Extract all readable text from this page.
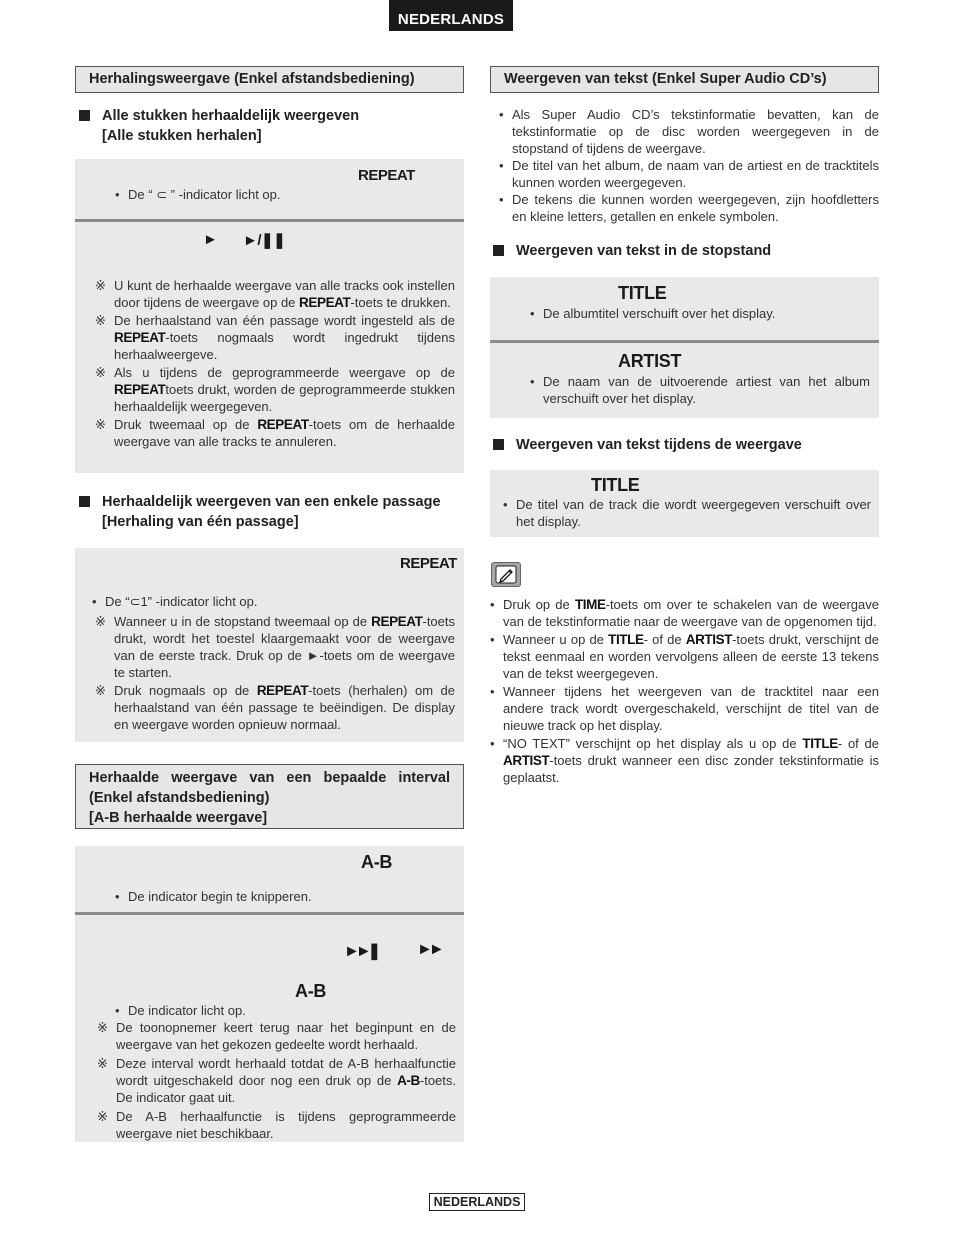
NEDERLANDS
Herhalingsweergave (Enkel afstandsbediening)
Alle stukken herhaaldelijk weergeven
[Alle stukken herhalen]
REPEAT
• De “ ⊂ ” -indicator licht op.
► ►/❚❚
※ U kunt de herhaalde weergave van alle tracks ook instellen door tijdens de weergave op de REPEAT-toets te drukken.
※ De herhaalstand van één passage wordt ingesteld als de REPEAT-toets nogmaals wordt ingedrukt tijdens herhaalweergeve.
※ Als u tijdens de geprogrammeerde weergave op de REPEATtoets drukt, worden de geprogrammeerde stukken herhaaldelijk weergegeven.
※ Druk tweemaal op de REPEAT-toets om de herhaalde weergave van alle tracks te annuleren.
Herhaaldelijk weergeven van een enkele passage
[Herhaling van één passage]
REPEAT
• De “⊂1” -indicator licht op.
※ Wanneer u in de stopstand tweemaal op de REPEAT-toets drukt, wordt het toestel klaargemaakt voor de weergave van de eerste track. Druk op de ►-toets om de weergave te starten.
※ Druk nogmaals op de REPEAT-toets (herhalen) om de herhaalstand van één passage te beëindigen. De display en weergave worden opnieuw normaal.
Herhaalde weergave van een bepaalde interval
(Enkel afstandsbediening)
[A-B herhaalde weergave]
A-B
• De indicator begin te knipperen.
►►❚ ►►
A-B
• De indicator licht op.
※ De toonopnemer keert terug naar het beginpunt en de weergave van het gekozen gedeelte wordt herhaald.
※ Deze interval wordt herhaald totdat de A-B herhaalfunctie wordt uitgeschakeld door nog een druk op de A-B-toets. De indicator gaat uit.
※ De A-B herhaalfunctie is tijdens geprogrammeerde weergave niet beschikbaar.
Weergeven van tekst (Enkel Super Audio CD’s)
• Als Super Audio CD’s tekstinformatie bevatten, kan de tekstinformatie op de disc worden weergegeven in de stopstand of tijdens de weergave.
• De titel van het album, de naam van de artiest en de tracktitels kunnen worden weergegeven.
• De tekens die kunnen worden weergegeven, zijn hoofdletters en kleine letters, getallen en enkele symbolen.
Weergeven van tekst in de stopstand
TITLE
• De albumtitel verschuift over het display.
ARTIST
• De naam van de uitvoerende artiest van het album verschuift over het display.
Weergeven van tekst tijdens de weergave
TITLE
• De titel van de track die wordt weergegeven verschuift over het display.
• Druk op de TIME-toets om over te schakelen van de weergave van de tekstinformatie naar de weergave van de opgenomen tijd.
• Wanneer u op de TITLE- of de ARTIST-toets drukt, verschijnt de tekst eenmaal en worden vervolgens alleen de eerste 13 tekens van de tekst weergegeven.
• Wanneer tijdens het weergeven van de tracktitel naar een andere track wordt overgeschakeld, verschijnt de titel van de nieuwe track op het display.
• “NO TEXT” verschijnt op het display als u op de TITLE- of de ARTIST-toets drukt wanneer een disc zonder tekstinformatie is geplaatst.
NEDERLANDS
